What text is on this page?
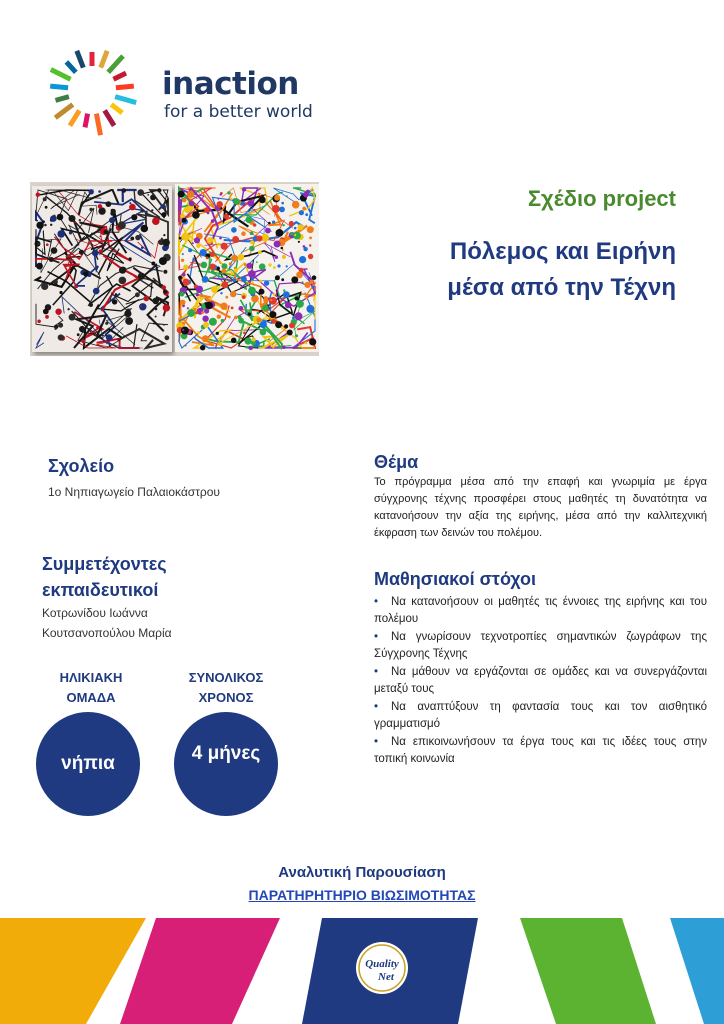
inaction
for a better world
Σχέδιο project
Πόλεμος και Ειρήνη
μέσα από την Τέχνη
Σχολείο
1ο Νηπιαγωγείο Παλαιοκάστρου
Συμμετέχοντες
εκπαιδευτικοί
Κοτρωνίδου Ιωάννα
Κουτσανοπούλου Μαρία
ΗΛΙΚΙΑΚΗ
ΟΜΑΔΑ
νήπια
ΣΥΝΟΛΙΚΟΣ
ΧΡΟΝΟΣ
4 μήνες
Θέμα
Το πρόγραμμα μέσα από την επαφή και γνωριμία με έργα σύγχρονης τέχνης προσφέρει στους μαθητές τη δυνατότητα να κατανοήσουν την αξία της ειρήνης, μέσα από την καλλιτεχνική έκφραση των δεινών του πολέμου.
Μαθησιακοί στόχοι
• Να κατανοήσουν οι μαθητές τις έννοιες της ειρήνης και του πολέμου
• Να γνωρίσουν τεχνοτροπίες σημαντικών ζωγράφων της Σύγχρονης Τέχνης
• Να μάθουν να εργάζονται σε ομάδες και να συνεργάζονται μεταξύ τους
• Να αναπτύξουν τη φαντασία τους και τον αισθητικό γραμματισμό
• Να επικοινωνήσουν τα έργα τους και τις ιδέες τους στην τοπική κοινωνία
Αναλυτική Παρουσίαση
ΠΑΡΑΤΗΡΗΤΗΡΙΟ ΒΙΩΣΙΜΟΤΗΤΑΣ
Quality
Net
